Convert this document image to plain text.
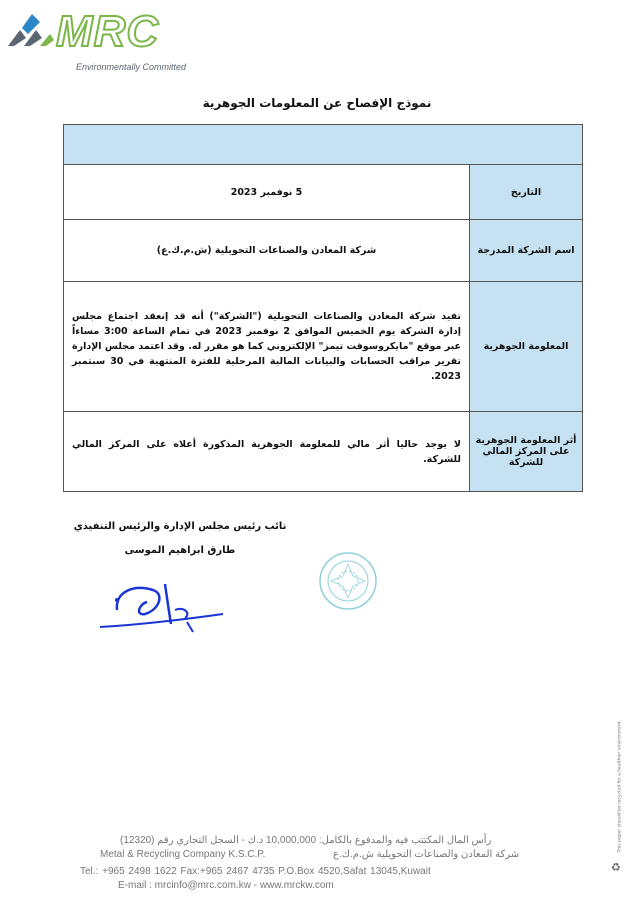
MRC
Environmentally Committed
نموذج الإفصاح عن المعلومات الجوهرية

التاريخ	5 نوفمبر 2023
اسم الشركة المدرجة	شركة المعادن والصناعات التحويلية (ش.م.ك.ع)
المعلومة الجوهرية	تفيد شركة المعادن والصناعات التحويلية ("الشركة") أنه قد إنعقد اجتماع مجلس إدارة الشركة يوم الخميس الموافق 2 نوفمبر 2023 في تمام الساعة 3:00 مساءاً عبر موقع "مايكروسوفت تيمز" الإلكتروني كما هو مقرر له. وقد اعتمد مجلس الإدارة تقرير مراقب الحسابات والبيانات المالية المرحلية للفترة المنتهية في 30 سبتمبر 2023.
أثر المعلومة الجوهرية على المركز المالي للشركة	لا يوجد حاليا أثر مالي للمعلومة الجوهرية المذكورة أعلاه على المركز المالي للشركة.
نائب رئيس مجلس الإدارة والرئيس التنفيذي
طارق ابراهيم الموسى
This paper should be recycled for a healthier environment.
♻
رأس المال المكتتب فيه والمدفوع بالكامل: 10,000,000 د.ك - السجل التجاري رقم (12320)
Metal & Recycling Company K.S.C.P.	شركة المعادن والصناعات التحويلية ش.م.ك.ع
Tel.: +965 2498 1622 Fax:+965 2467 4735 P.O.Box 4520,Safat 13045,Kuwait
E-mail : mrcinfo@mrc.com.kw - www.mrckw.com
